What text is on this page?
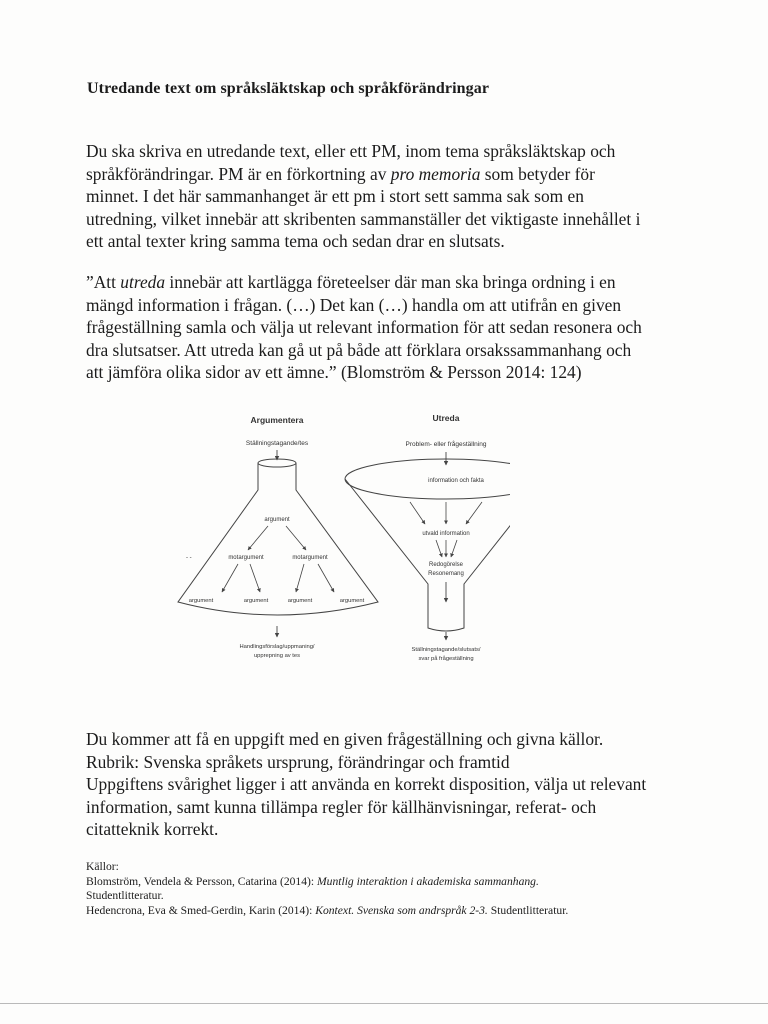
Utredande text om språksläktskap och språkförändringar

Du ska skriva en utredande text, eller ett PM, inom tema språksläktskap och
språkförändringar. PM är en förkortning av pro memoria som betyder för
minnet. I det här sammanhanget är ett pm i stort sett samma sak som en
utredning, vilket innebär att skribenten sammanställer det viktigaste innehållet i
ett antal texter kring samma tema och sedan drar en slutsats.

”Att utreda innebär att kartlägga företeelser där man ska bringa ordning i en
mängd information i frågan. (…) Det kan (…) handla om att utifrån en given
frågeställning samla och välja ut relevant information för att sedan resonera och
dra slutsatser. Att utreda kan gå ut på både att förklara orsakssammanhang och
att jämföra olika sidor av ett ämne.” (Blomström & Persson 2014: 124)

Argumentera
Ställningstagande/tes
argument
- -	motargument	motargument
argument	argument	argument	argument
Handlingsförslag/uppmaning/
upprepning av tes
Utreda
Problem- eller frågeställning
information och fakta
utvald information
Redogörelse
Resonemang
Ställningstagande/slutsats/
svar på frågeställning

Du kommer att få en uppgift med en given frågeställning och givna källor.
Rubrik: Svenska språkets ursprung, förändringar och framtid
Uppgiftens svårighet ligger i att använda en korrekt disposition, välja ut relevant
information, samt kunna tillämpa regler för källhänvisningar, referat- och
citatteknik korrekt.

Källor:
Blomström, Vendela & Persson, Catarina (2014): Muntlig interaktion i akademiska sammanhang.
Studentlitteratur.
Hedencrona, Eva & Smed-Gerdin, Karin (2014): Kontext. Svenska som andrspråk 2-3. Studentlitteratur.
